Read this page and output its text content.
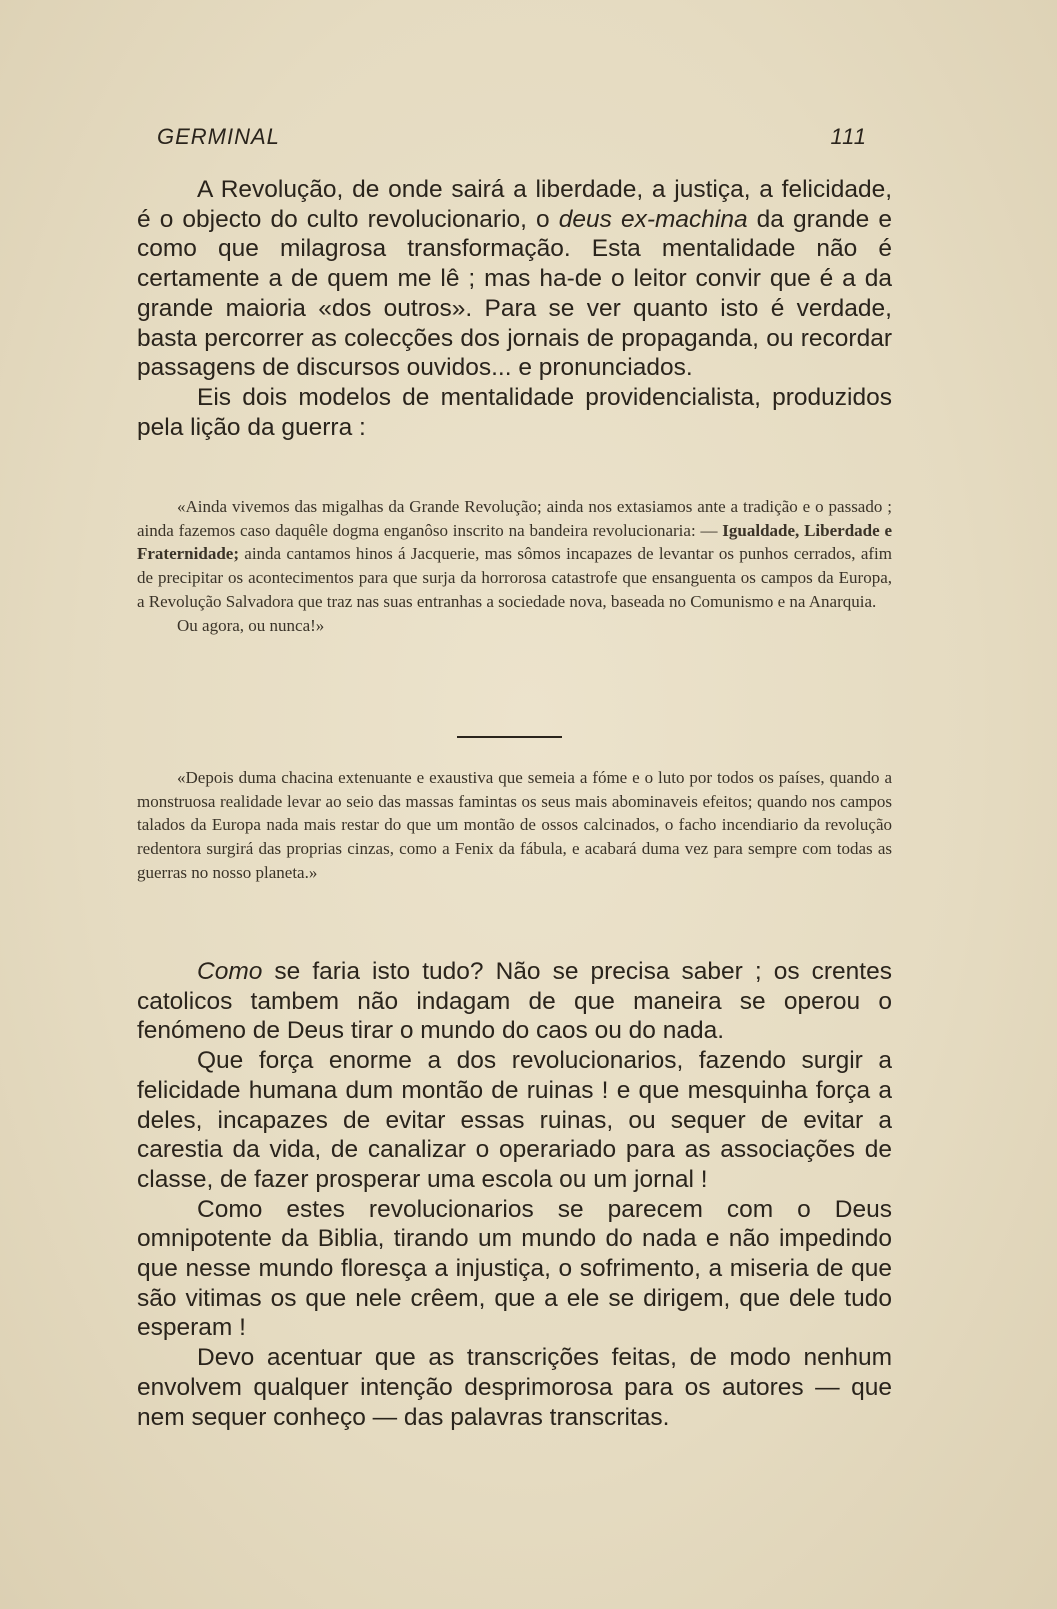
GERMINAL	111

A Revolução, de onde sairá a liberdade, a justiça, a felicidade, é o objecto do culto revolucionario, o deus ex-machina da grande e como que milagrosa transformação. Esta mentalidade não é certamente a de quem me lê ; mas ha-de o leitor convir que é a da grande maioria «dos outros». Para se ver quanto isto é verdade, basta percorrer as colecções dos jornais de propaganda, ou recordar passagens de discursos ouvidos... e pronunciados.

Eis dois modelos de mentalidade providencialista, produzidos pela lição da guerra :

«Ainda vivemos das migalhas da Grande Revolução; ainda nos extasiamos ante a tradição e o passado ; ainda fazemos caso daquêle dogma enganôso inscrito na bandeira revolucionaria: — Igualdade, Liberdade e Fraternidade; ainda cantamos hinos á Jacquerie, mas sômos incapazes de levantar os punhos cerrados, afim de precipitar os acontecimentos para que surja da horrorosa catastrofe que ensanguenta os campos da Europa, a Revolução Salvadora que traz nas suas entranhas a sociedade nova, baseada no Comunismo e na Anarquia.

Ou agora, ou nunca!»

«Depois duma chacina extenuante e exaustiva que semeia a fóme e o luto por todos os países, quando a monstruosa realidade levar ao seio das massas famintas os seus mais abominaveis efeitos; quando nos campos talados da Europa nada mais restar do que um montão de ossos calcinados, o facho incendiario da revolução redentora surgirá das proprias cinzas, como a Fenix da fábula, e acabará duma vez para sempre com todas as guerras no nosso planeta.»

Como se faria isto tudo? Não se precisa saber ; os crentes catolicos tambem não indagam de que maneira se operou o fenómeno de Deus tirar o mundo do caos ou do nada.

Que força enorme a dos revolucionarios, fazendo surgir a felicidade humana dum montão de ruinas ! e que mesquinha força a deles, incapazes de evitar essas ruinas, ou sequer de evitar a carestia da vida, de canalizar o operariado para as associações de classe, de fazer prosperar uma escola ou um jornal !

Como estes revolucionarios se parecem com o Deus omnipotente da Biblia, tirando um mundo do nada e não impedindo que nesse mundo floresça a injustiça, o sofrimento, a miseria de que são vitimas os que nele crêem, que a ele se dirigem, que dele tudo esperam !

Devo acentuar que as transcrições feitas, de modo nenhum envolvem qualquer intenção desprimorosa para os autores — que nem sequer conheço — das palavras transcritas.
